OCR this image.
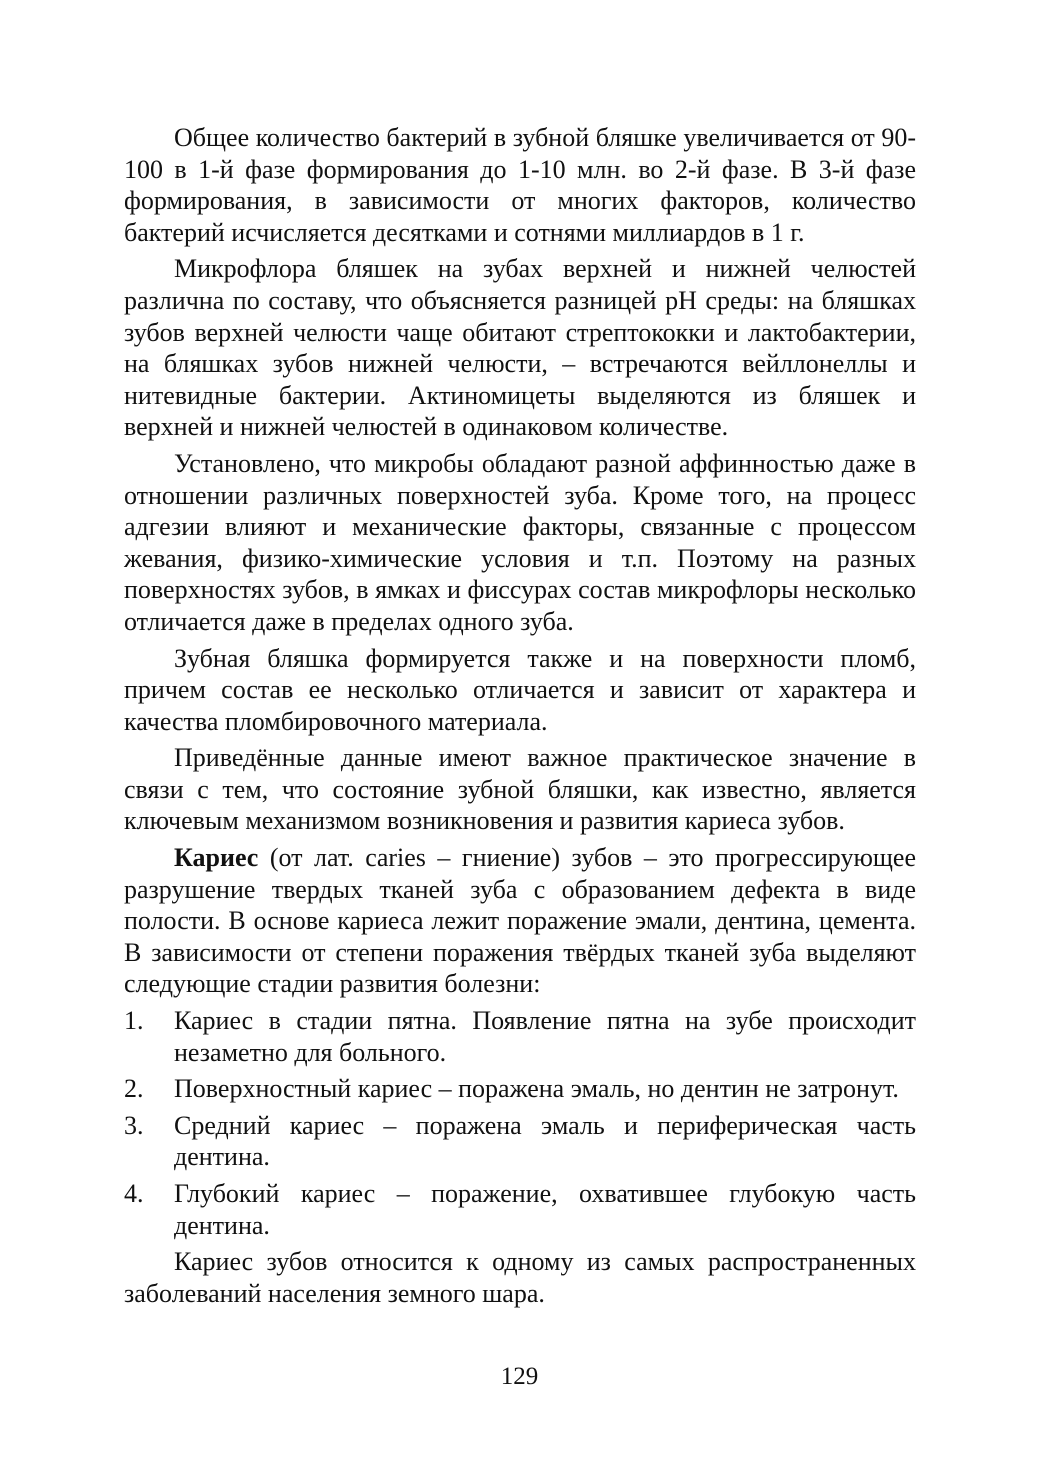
Общее количество бактерий в зубной бляшке увеличивается от 90-100 в 1-й фазе формирования до 1-10 млн. во 2-й фазе. В 3-й фазе формирования, в зависимости от многих факторов, количество бактерий исчисляется десятками и сотнями миллиардов в 1 г.

Микрофлора бляшек на зубах верхней и нижней челюстей различна по составу, что объясняется разницей рН среды: на бляшках зубов верхней челюсти чаще обитают стрептококки и лактобактерии, на бляшках зубов нижней челюсти, – встречаются вейллонеллы и нитевидные бактерии. Актиномицеты выделяются из бляшек и верхней и нижней челюстей в одинаковом количестве.

Установлено, что микробы обладают разной аффинностью даже в отношении различных поверхностей зуба. Кроме того, на процесс адгезии влияют и механические факторы, связанные с процессом жевания, физико-химические условия и т.п. Поэтому на разных поверхностях зубов, в ямках и фиссурах состав микрофлоры несколько отличается даже в пределах одного зуба.

Зубная бляшка формируется также и на поверхности пломб, причем состав ее несколько отличается и зависит от характера и качества пломбировочного материала.

Приведённые данные имеют важное практическое значение в связи с тем, что состояние зубной бляшки, как известно, является ключевым механизмом возникновения и развития кариеса зубов.

Кариес (от лат. caries – гниение) зубов – это прогрессирующее разрушение твердых тканей зуба с образованием дефекта в виде полости. В основе кариеса лежит поражение эмали, дентина, цемента. В зависимости от степени поражения твёрдых тканей зуба выделяют следующие стадии развития болезни:

1. Кариес в стадии пятна. Появление пятна на зубе происходит незаметно для больного.
2. Поверхностный кариес – поражена эмаль, но дентин не затронут.
3. Средний кариес – поражена эмаль и периферическая часть дентина.
4. Глубокий кариес – поражение, охватившее глубокую часть дентина.

Кариес зубов относится к одному из самых распространенных заболеваний населения земного шара.

129
